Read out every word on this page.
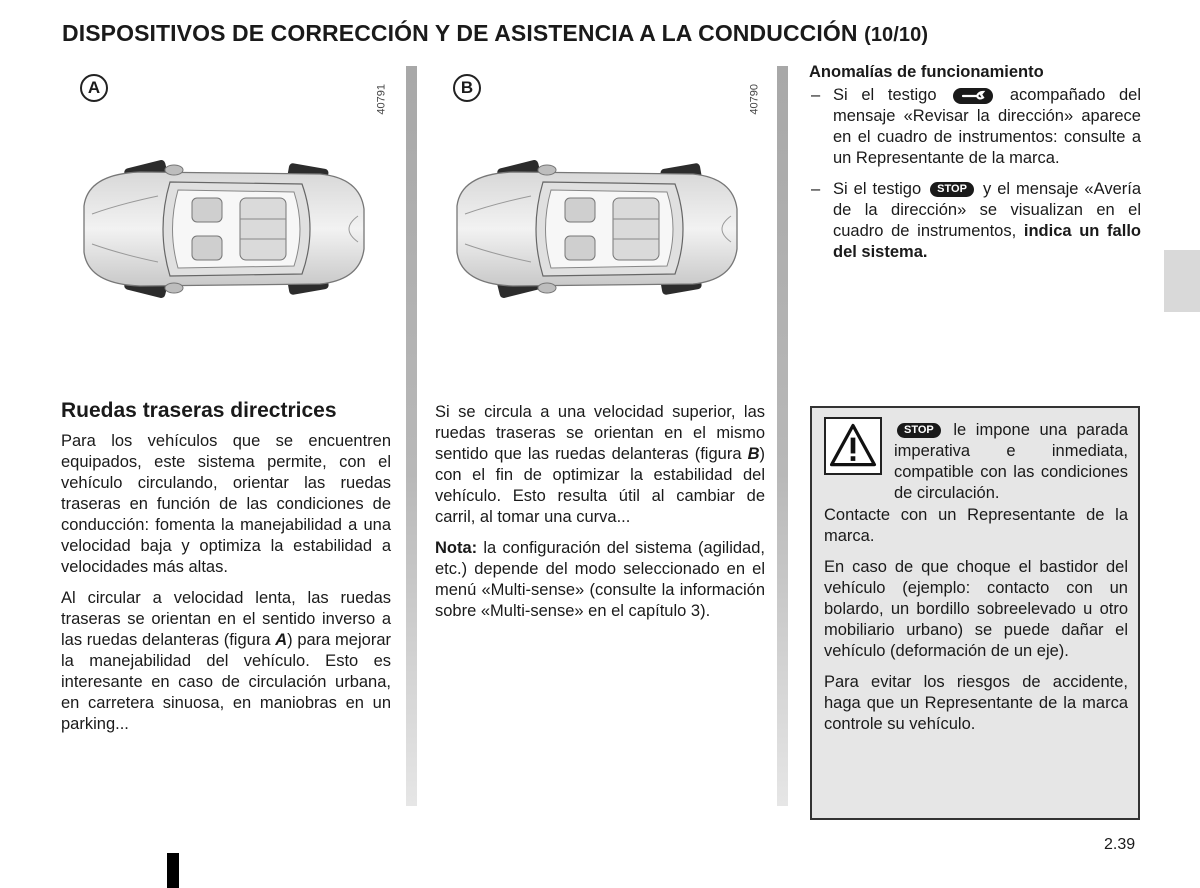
DISPOSITIVOS DE CORRECCIÓN Y DE ASISTENCIA A LA CONDUCCIÓN (10/10)
A	40791	B	40790
Ruedas traseras directrices

Para los vehículos que se encuentren equipados, este sistema permite, con el vehículo circulando, orientar las ruedas traseras en función de las condiciones de conducción: fomenta la manejabilidad a una velocidad baja y optimiza la estabilidad a velocidades más altas.

Al circular a velocidad lenta, las ruedas traseras se orientan en el sentido inverso a las ruedas delanteras (figura A) para mejorar la manejabilidad del vehículo. Esto es interesante en caso de circulación urbana, en carretera sinuosa, en maniobras en un parking...

Si se circula a una velocidad superior, las ruedas traseras se orientan en el mismo sentido que las ruedas delanteras (figura B) con el fin de optimizar la estabilidad del vehículo. Esto resulta útil al cambiar de carril, al tomar una curva...

Nota: la configuración del sistema (agilidad, etc.) depende del modo seleccionado en el menú «Multi-sense» (consulte la información sobre «Multi-sense» en el capítulo 3).

Anomalías de funcionamiento
– Si el testigo	acompañado del mensaje «Revisar la dirección» aparece en el cuadro de instrumentos: consulte a un Representante de la marca.
– Si el testigo STOP y el mensaje «Avería de la dirección» se visualizan en el cuadro de instrumentos, indica un fallo del sistema.
STOP le impone una parada imperativa e inmediata, compatible con las condiciones de circulación.

Contacte con un Representante de la marca.

En caso de que choque el bastidor del vehículo (ejemplo: contacto con un bolardo, un bordillo sobreelevado u otro mobiliario urbano) se puede dañar el vehículo (deformación de un eje).

Para evitar los riesgos de accidente, haga que un Representante de la marca controle su vehículo.

2.39
